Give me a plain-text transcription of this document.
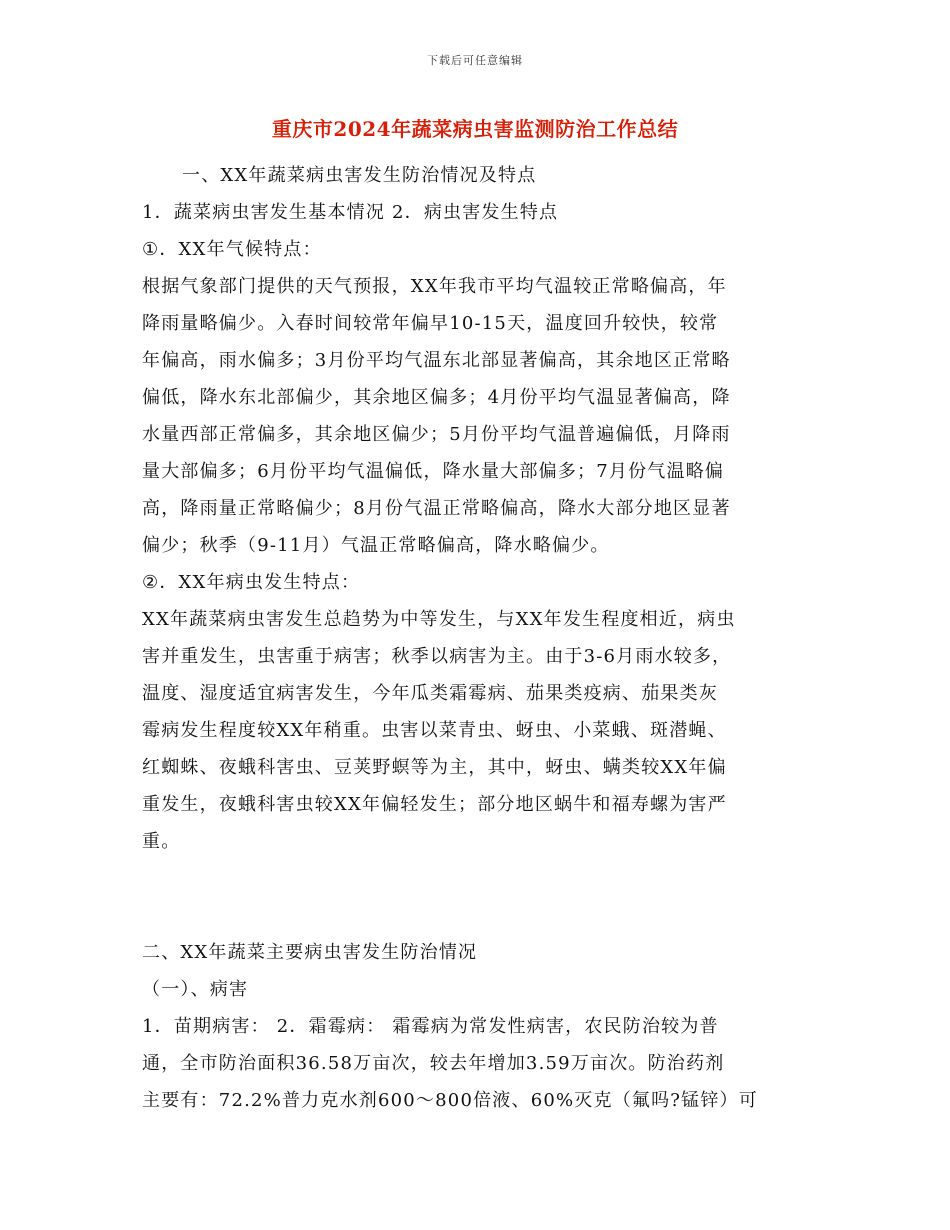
下载后可任意编辑
重庆市2024年蔬菜病虫害监测防治工作总结
一、XX年蔬菜病虫害发生防治情况及特点
1．蔬菜病虫害发生基本情况 2．病虫害发生特点
①．XX年气候特点：
根据气象部门提供的天气预报，XX年我市平均气温较正常略偏高，年
降雨量略偏少。入春时间较常年偏早10-15天，温度回升较快，较常
年偏高，雨水偏多；3月份平均气温东北部显著偏高，其余地区正常略
偏低，降水东北部偏少，其余地区偏多；4月份平均气温显著偏高，降
水量西部正常偏多，其余地区偏少；5月份平均气温普遍偏低，月降雨
量大部偏多；6月份平均气温偏低，降水量大部偏多；7月份气温略偏
高，降雨量正常略偏少；8月份气温正常略偏高，降水大部分地区显著
偏少；秋季（9-11月）气温正常略偏高，降水略偏少。
②．XX年病虫发生特点：
XX年蔬菜病虫害发生总趋势为中等发生，与XX年发生程度相近，病虫
害并重发生，虫害重于病害；秋季以病害为主。由于3-6月雨水较多，
温度、湿度适宜病害发生，今年瓜类霜霉病、茄果类疫病、茄果类灰
霉病发生程度较XX年稍重。虫害以菜青虫、蚜虫、小菜蛾、斑潜蝇、
红蜘蛛、夜蛾科害虫、豆荚野螟等为主，其中，蚜虫、螨类较XX年偏
重发生，夜蛾科害虫较XX年偏轻发生；部分地区蜗牛和福寿螺为害严
重。
二、XX年蔬菜主要病虫害发生防治情况
（一）、病害
1．苗期病害： 2．霜霉病： 霜霉病为常发性病害，农民防治较为普
通，全市防治面积36.58万亩次，较去年增加3.59万亩次。防治药剂
主要有：72.2%普力克水剂600～800倍液、60%灭克（氟吗?锰锌）可
